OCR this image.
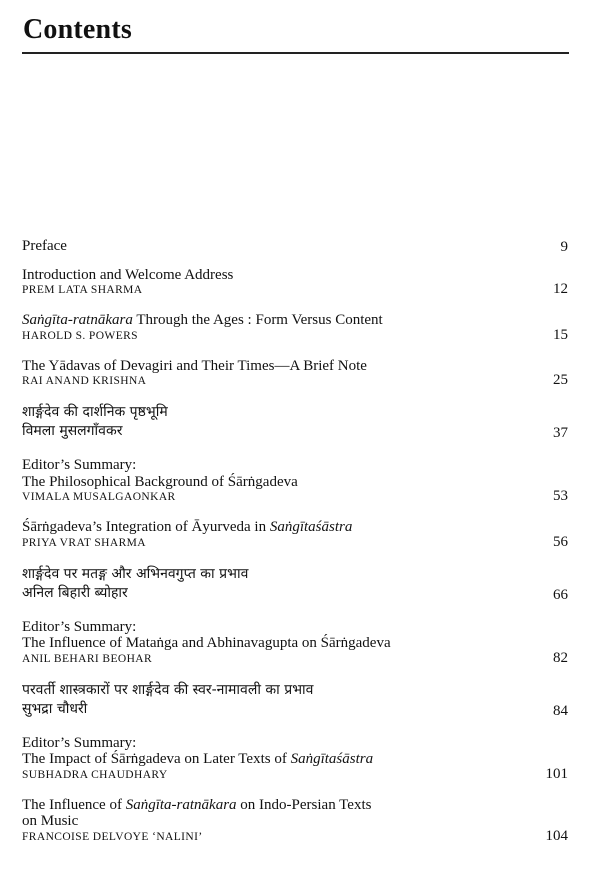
Contents
Preface	9
Introduction and Welcome Address
PREM LATA SHARMA	12
Saṅgīta-ratnākara Through the Ages : Form Versus Content
HAROLD S. POWERS	15
The Yādavas of Devagiri and Their Times—A Brief Note
RAI ANAND KRISHNA	25
शार्ङ्गदेव की दार्शनिक पृष्ठभूमि
विमला मुसलगाँवकर	37
Editor’s Summary:
The Philosophical Background of Śārṅgadeva
VIMALA MUSALGAONKAR	53
Śārṅgadeva’s Integration of Āyurveda in Saṅgītaśāstra
PRIYA VRAT SHARMA	56
शार्ङ्गदेव पर मतङ्ग और अभिनवगुप्त का प्रभाव
अनिल बिहारी ब्योहार	66
Editor’s Summary:
The Influence of Mataṅga and Abhinavagupta on Śārṅgadeva
ANIL BEHARI BEOHAR	82
परवर्ती शास्त्रकारों पर शार्ङ्गदेव की स्वर-नामावली का प्रभाव
सुभद्रा चौधरी	84
Editor’s Summary:
The Impact of Śārṅgadeva on Later Texts of Saṅgītaśāstra
SUBHADRA CHAUDHARY	101
The Influence of Saṅgīta-ratnākara on Indo-Persian Texts
on Music
FRANCOISE DELVOYE ‘NALINI’	104
